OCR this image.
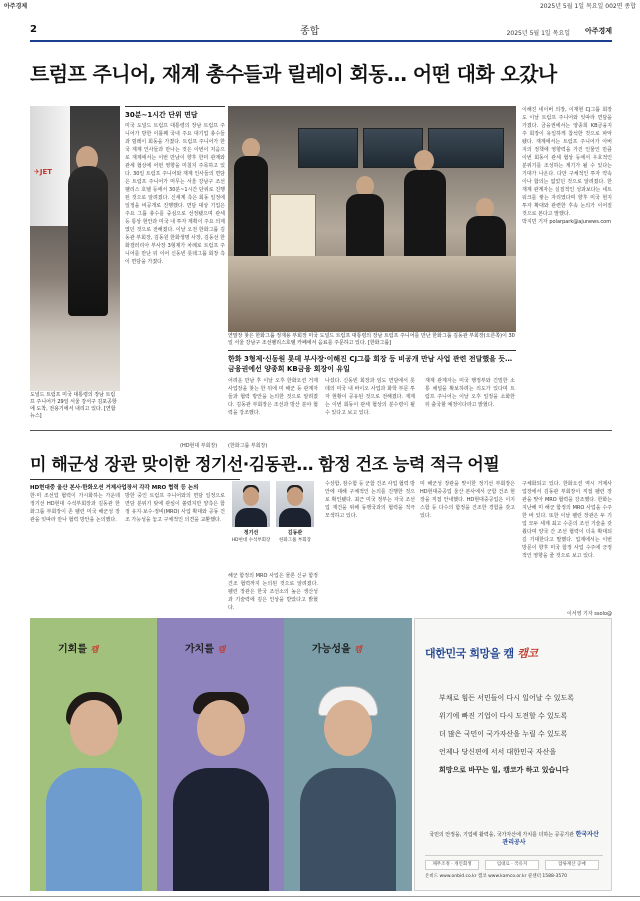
아주경제	2025년 5월 1일 목요일 002면 종합
2	종합	2025년 5월 1일 목요일 아주경제
트럼프 주니어, 재계 총수들과 릴레이 회동… 어떤 대화 오갔나
✈JET
도널드 트럼프 미국 대통령의 장남 트럼프 주니어가 29일 서울 강서구 김포공항에 도착, 전용기에서 내리고 있다. [연합뉴스]
30분~1시간 단위 면담
미국 도널드 트럼프 대통령의 장남 트럼프 주니어가 방한 이틀째 국내 주요 대기업 총수들과 릴레이 회동을 가졌다. 트럼프 주니어가 한국 재계 인사들과 만나는 것은 이번이 처음으로 재계에서는 이번 만남이 향후 한미 관계와 관세 협상에 어떤 영향을 미칠지 주목하고 있다. 30일 트럼프 주니어와 재계 인사들의 면담은 트럼프 주니어가 머무는 서울 강남구 조선팰리스 호텔 등에서 30분~1시간 단위로 진행된 것으로 알려졌다. 신세계 측은 회동 일정에 일정을 비공개로 진행했다. 면담 대상 기업은 주요 그룹 총수를 중심으로 선정됐으며 관세 등 통상 현안과 미국 내 투자 계획이 주요 의제였던 것으로 전해졌다. 이날 오전 한화그룹 김동관 부회장, 김동원 한화생명 사장, 김동선 한화갤러리아 부사장 3형제가 차례로 트럼프 주니어를 만난 뒤 이어 신동빈 롯데그룹 회장 측이 면담을 가졌다.
연말장 찾은 한화그룹 정재용 부회장 미국 도널드 트럼프 대통령의 장남 트럼프 주니어를 만난 한화그룹 김동관 부회장(오른쪽)이 30일 서울 강남구 조선팰리스호텔 카페에서 음료를 주문하고 있다. [한화그룹]
한화 3형제·신동원 롯데 부사장·이해진 CJ그룹 회장 등 비공개 만남 사업 관련 전달했을 듯… 금융권에선 양종희 KB금융 회장이 유일
어려운 만남 후 이날 오후 한화오션 거제사업장을 찾는 한 뒤에 미 해군 등 관계자들과 협력 방안을 논의한 것으로 알려졌다. 김동관 부회장은 조선과 방산 분야 협력을 강조했다.
나섰다. 신동빈 회장과 임도 면담에서 롯데의 미국 내 바이오 사업과 화학 부문 투자 현황이 공유된 것으로 전해졌다. 재계는 이번 회동이 관세 협상의 분수령이 될 수 있다고 보고 있다.
재계 관계자는 미국 행정부와 긴밀한 소통 채널을 확보하려는 의도가 있다며 트럼프 주니어는 이날 오후 일정을 소화한 뒤 출국할 예정이다라고 밝혔다.
이해진 네이버 의장, 이재현 CJ그룹 회장도 이날 트럼프 주니어와 잇따라 면담을 가졌다. 금융권에서는 양종희 KB금융지주 회장이 유일하게 참석한 것으로 파악됐다. 재계에서는 트럼프 주니어가 아버지의 정책에 영향력을 가진 인물인 만큼 이번 회동이 관세 협상 등에서 우호적인 분위기를 조성하는 계기가 될 수 있다는 기대가 나온다. 다만 구체적인 투자 약속이나 합의는 없었던 것으로 알려졌다. 한 재계 관계자는 실질적인 성과보다는 네트워크를 쌓는 자리였다며 향후 미국 현지 투자 확대와 관련한 후속 논의가 이어질 것으로 본다고 말했다.
박지민 기자 polarpark@ajunews.com
(HD현대 부회장) (한화그룹 부회장)
미 해군성 장관 맞이한 정기선·김동관… 함정 건조 능력 적극 어필
HD현대중 울산 본사·한화오션 거제사업장서 각각 MRO 협력 등 논의
한·미 조선업 협력이 가시화하는 가운데 정기선 HD현대 수석부회장과 김동관 한화그룹 부회장이 존 펠런 미국 해군성 장관을 잇따라 만나 협력 방안을 논의했다.
방한 중인 트럼프 주니어와의 면담 일정으로 면담 분위기 탓에 관심이 쏠렸지만 양측은 함정 유지·보수·정비(MRO) 사업 확대와 공동 건조 가능성을 놓고 구체적인 의견을 교환했다.
정기선
HD현대 수석부회장
김동관
한화그룹 부회장
해군 함정의 MRO 사업은 물론 신규 함정 건조 협력까지 논의된 것으로 알려졌다. 펠런 장관은 한국 조선소의 높은 생산성과 기술력에 깊은 인상을 받았다고 밝혔다.
수상함, 잠수함 등 군함 건조 사업 협력 방안에 대해 구체적인 논의를 진행한 것으로 확인됐다. 최근 미국 정부는 자국 조선업 재건을 위해 동맹국과의 협력을 적극 모색하고 있다.
미 해군성 장관을 맞이한 정기선 부회장은 HD현대중공업 울산 본사에서 군함 건조 현장을 직접 안내했다. HD현대중공업은 이지스함 등 다수의 함정을 건조한 경험을 갖고 있다.
구체화되고 있다. 한화오션 역시 거제사업장에서 김동관 부회장이 직접 펠런 장관을 맞아 MRO 협력을 강조했다. 한화는 지난해 미 해군 함정의 MRO 사업을 수주한 바 있다. 또한 이날 펠런 장관은 두 기업 모두 세계 최고 수준의 조선 기술을 갖췄다며 양국 간 조선 협력이 더욱 확대되길 기대한다고 말했다. 업계에서는 이번 방문이 향후 미국 함정 사업 수주에 긍정적인 영향을 줄 것으로 보고 있다.
이서영 기자 ssolo@
기회를 캠	가치를 캠	가능성을 캠	대한민국 희망을 캠 캠코
부채로 힘든 서민들이 다시 일어날 수 있도록
위기에 빠진 기업이 다시 도전할 수 있도록
더 많은 국민이 국가자산을 누릴 수 있도록
언제나 당신편에 서서 대한민국 자산을
희망으로 바꾸는 일, 캠코가 하고 있습니다
국민의 안정을, 기업에 활력을, 국가자산에 가치를 더하는 공공기관 한국자산관리공사
채무조정 · 개인회생	임대료 · 국유지	압류재산 공매
온비드 www.onbid.co.kr 캠코 www.kamco.or.kr 콜센터 1588-3570
